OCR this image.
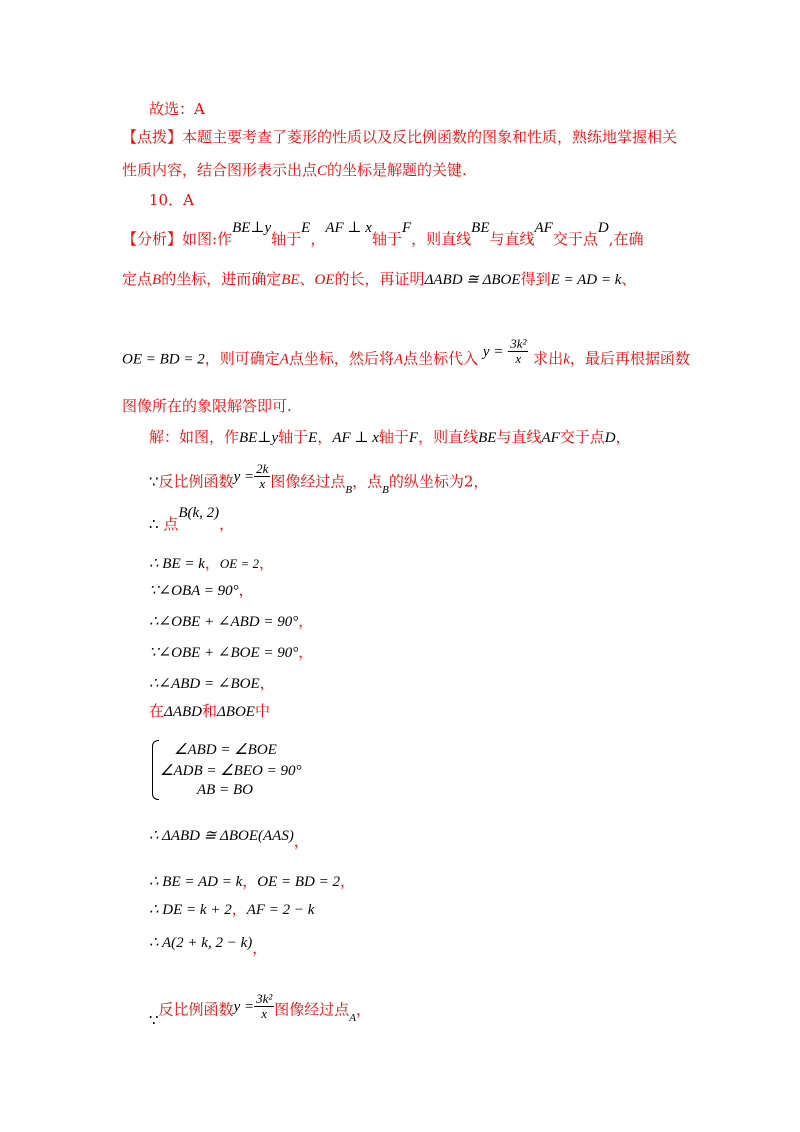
故选：A
【点拨】本题主要考查了菱形的性质以及反比例函数的图象和性质，熟练地掌握相关
性质内容，结合图形表示出点C的坐标是解题的关键.
10．A
【分析】如图:作BE⊥y轴于E，AF ⊥ x轴于F，则直线BE与直线AF交于点D,在确
定点B的坐标，进而确定BE、OE的长，再证明ΔABD ≅ ΔBOE得到E = AD = k、
OE = BD = 2，则可确定A点坐标，然后将A点坐标代入 $y = \frac{\text{3k²}}{x}$ 求出k，最后再根据函数
图像所在的象限解答即可.
解：如图，作BE⊥y轴于E，AF ⊥ x轴于F，则直线BE与直线AF交于点D，
∵反比例函数$y = \frac{2k}{x}$ 图像经过点$_B$，点$_B$的纵坐标为2，
∴ 点B(k, 2)，
∴ BE = k，OE = 2，
∵∠OBA = 90°，
∴∠OBE + ∠ABD = 90°，
∵∠OBE + ∠BOE = 90°，
∴∠ABD = ∠BOE，
在ΔABD和ΔBOE中
∠ABD = ∠BOE
∠ADB = ∠BEO = 90°
AB = BO
∴ ΔABD ≅ ΔBOE(AAS)，
∴ BE = AD = k，OE = BD = 2，
∴ DE = k + 2，AF = 2 − k
∴ A(2 + k, 2 − k)，
∵反比例函数$y = \frac{\text{3k²}}{x}$ 图像经过点$_A$，
